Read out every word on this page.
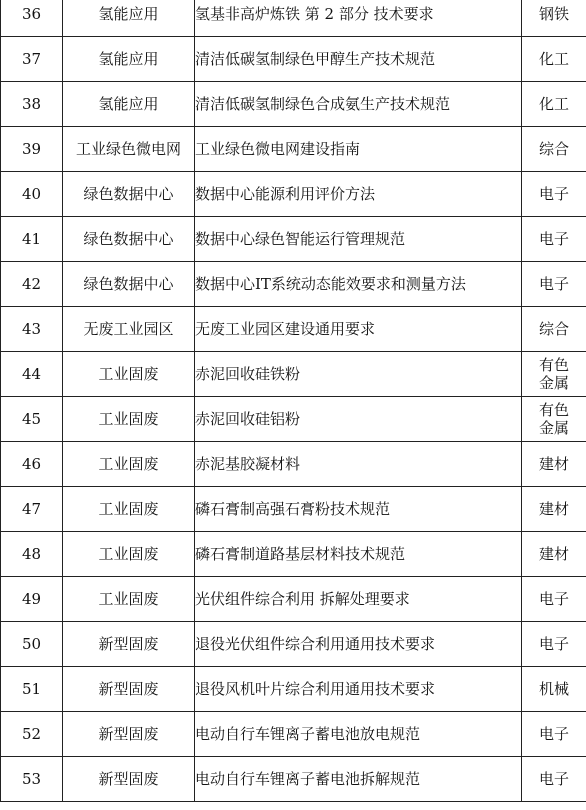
36	氢能应用	氢基非高炉炼铁 第 2 部分 技术要求	钢铁
37	氢能应用	清洁低碳氢制绿色甲醇生产技术规范	化工
38	氢能应用	清洁低碳氢制绿色合成氨生产技术规范	化工
39	工业绿色微电网	工业绿色微电网建设指南	综合
40	绿色数据中心	数据中心能源利用评价方法	电子
41	绿色数据中心	数据中心绿色智能运行管理规范	电子
42	绿色数据中心	数据中心IT系统动态能效要求和测量方法	电子
43	无废工业园区	无废工业园区建设通用要求	综合
44	工业固废	赤泥回收硅铁粉	有色金属
45	工业固废	赤泥回收硅铝粉	有色金属
46	工业固废	赤泥基胶凝材料	建材
47	工业固废	磷石膏制高强石膏粉技术规范	建材
48	工业固废	磷石膏制道路基层材料技术规范	建材
49	工业固废	光伏组件综合利用 拆解处理要求	电子
50	新型固废	退役光伏组件综合利用通用技术要求	电子
51	新型固废	退役风机叶片综合利用通用技术要求	机械
52	新型固废	电动自行车锂离子蓄电池放电规范	电子
53	新型固废	电动自行车锂离子蓄电池拆解规范	电子
